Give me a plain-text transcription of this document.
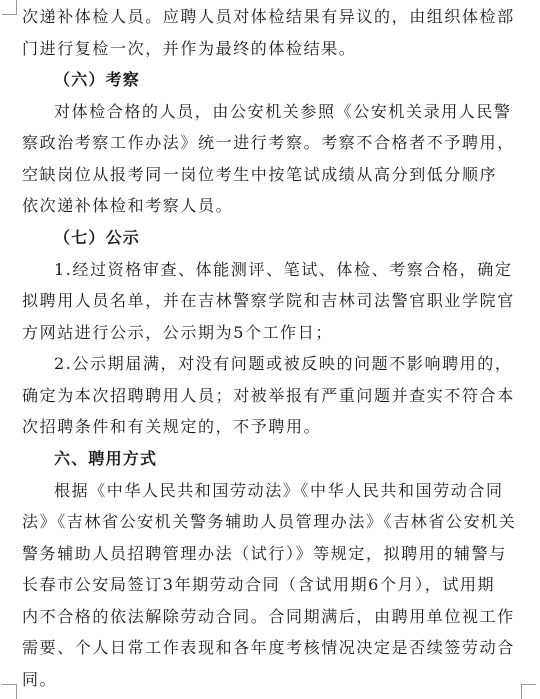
次递补体检人员。应聘人员对体检结果有异议的，由组织体检部
门进行复检一次，并作为最终的体检结果。
（六）考察
对体检合格的人员，由公安机关参照《公安机关录用人民警
察政治考察工作办法》统一进行考察。考察不合格者不予聘用，
空缺岗位从报考同一岗位考生中按笔试成绩从高分到低分顺序
依次递补体检和考察人员。
（七）公示
1.经过资格审查、体能测评、笔试、体检、考察合格，确定
拟聘用人员名单，并在吉林警察学院和吉林司法警官职业学院官
方网站进行公示，公示期为5个工作日；
2.公示期届满，对没有问题或被反映的问题不影响聘用的，
确定为本次招聘聘用人员；对被举报有严重问题并查实不符合本
次招聘条件和有关规定的，不予聘用。
六、聘用方式
根据《中华人民共和国劳动法》《中华人民共和国劳动合同
法》《吉林省公安机关警务辅助人员管理办法》《吉林省公安机关
警务辅助人员招聘管理办法（试行）》等规定，拟聘用的辅警与
长春市公安局签订3年期劳动合同（含试用期6个月），试用期
内不合格的依法解除劳动合同。合同期满后，由聘用单位视工作
需要、个人日常工作表现和各年度考核情况决定是否续签劳动合
同。
